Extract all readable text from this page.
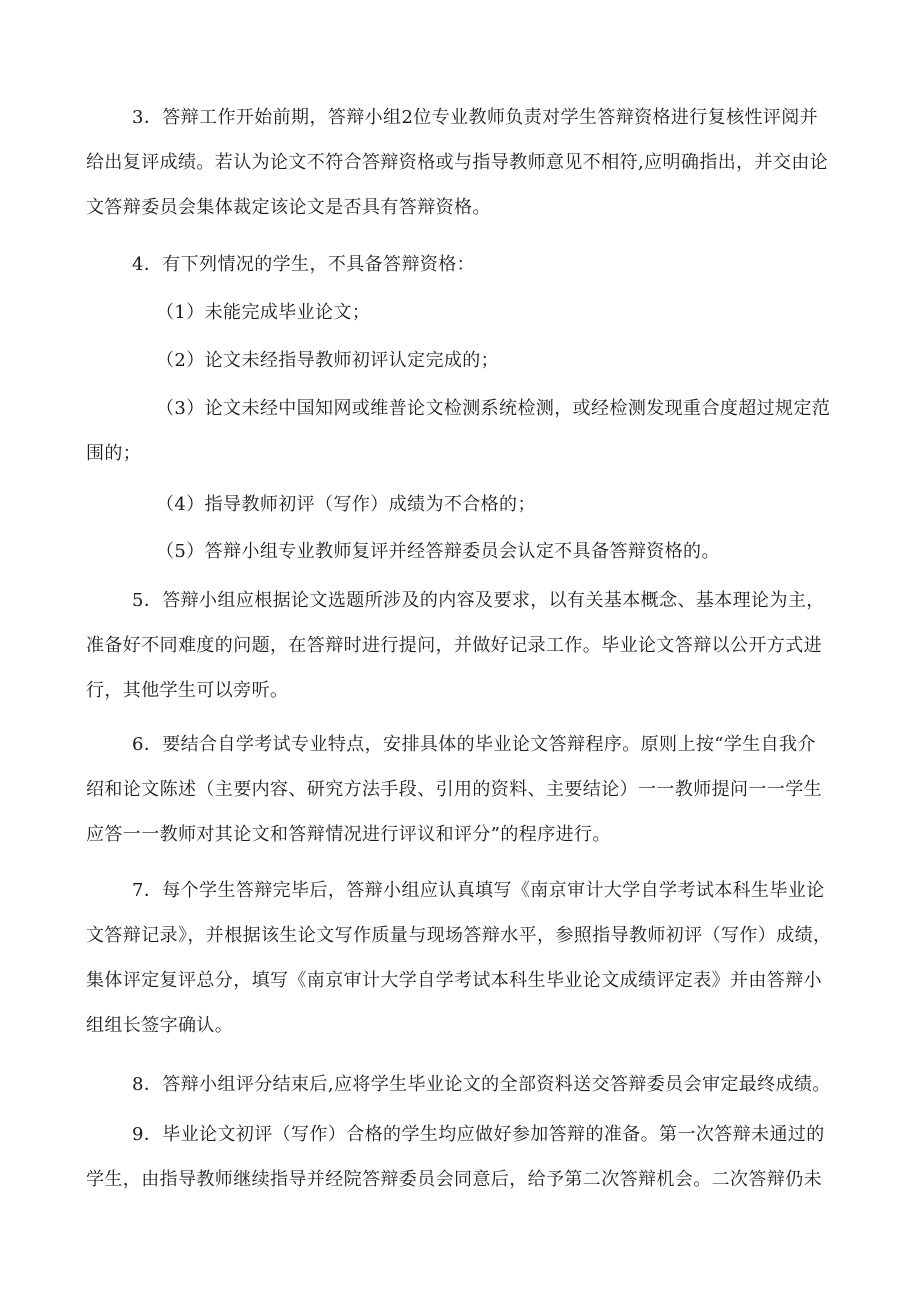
3．答辩工作开始前期，答辩小组2位专业教师负责对学生答辩资格进行复核性评阅并
给出复评成绩。若认为论文不符合答辩资格或与指导教师意见不相符,应明确指出，并交由论
文答辩委员会集体裁定该论文是否具有答辩资格。
4．有下列情况的学生，不具备答辩资格：
（1）未能完成毕业论文；
（2）论文未经指导教师初评认定完成的；
（3）论文未经中国知网或维普论文检测系统检测，或经检测发现重合度超过规定范
围的；
（4）指导教师初评（写作）成绩为不合格的；
（5）答辩小组专业教师复评并经答辩委员会认定不具备答辩资格的。
5．答辩小组应根据论文选题所涉及的内容及要求，以有关基本概念、基本理论为主，
准备好不同难度的问题，在答辩时进行提问，并做好记录工作。毕业论文答辩以公开方式进
行，其他学生可以旁听。
6．要结合自学考试专业特点，安排具体的毕业论文答辩程序。原则上按“学生自我介
绍和论文陈述（主要内容、研究方法手段、引用的资料、主要结论）一一教师提问一一学生
应答一一教师对其论文和答辩情况进行评议和评分”的程序进行。
7．每个学生答辩完毕后，答辩小组应认真填写《南京审计大学自学考试本科生毕业论
文答辩记录》，并根据该生论文写作质量与现场答辩水平，参照指导教师初评（写作）成绩，
集体评定复评总分，填写《南京审计大学自学考试本科生毕业论文成绩评定表》并由答辩小
组组长签字确认。
8．答辩小组评分结束后,应将学生毕业论文的全部资料送交答辩委员会审定最终成绩。
9．毕业论文初评（写作）合格的学生均应做好参加答辩的准备。第一次答辩未通过的
学生，由指导教师继续指导并经院答辩委员会同意后，给予第二次答辩机会。二次答辩仍未
